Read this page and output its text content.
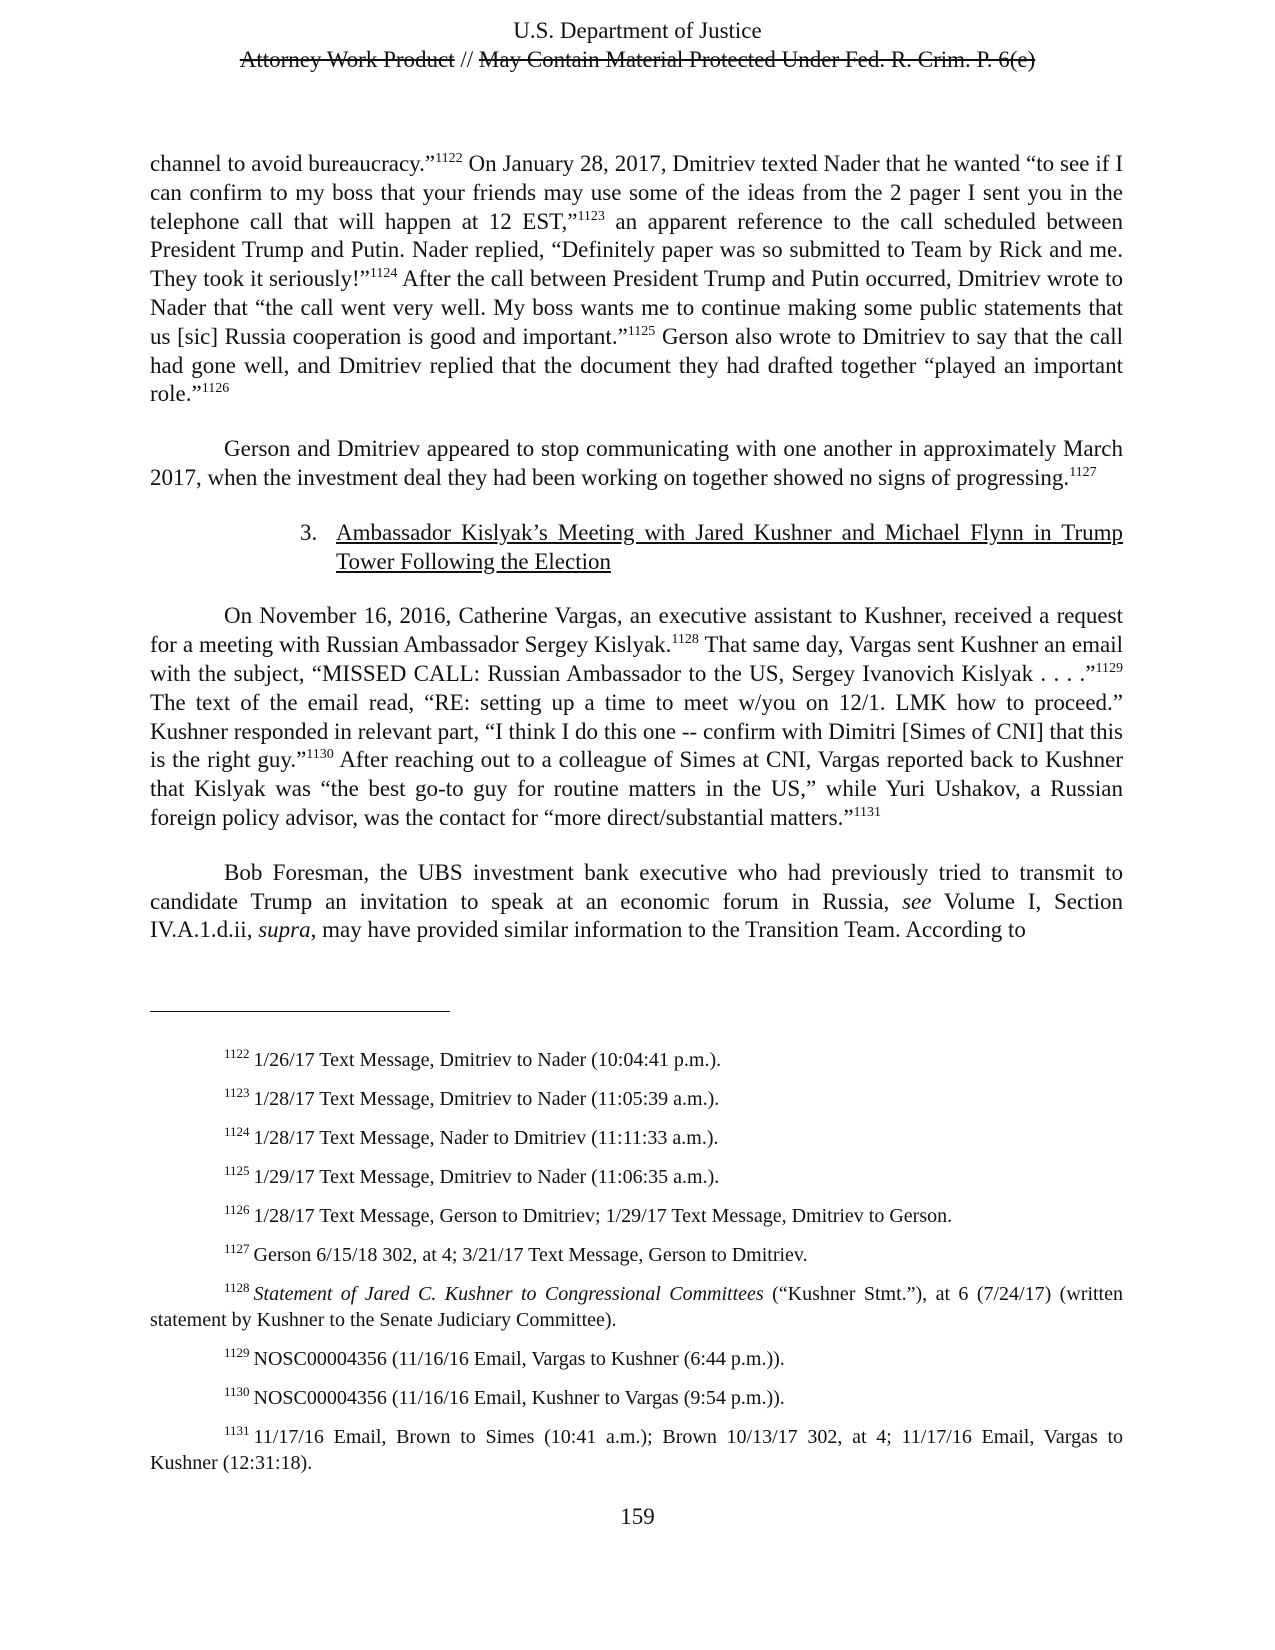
U.S. Department of Justice
Attorney Work Product // May Contain Material Protected Under Fed. R. Crim. P. 6(e)

channel to avoid bureaucracy.”$^{1122}$ On January 28, 2017, Dmitriev texted Nader that he wanted “to see if I can confirm to my boss that your friends may use some of the ideas from the 2 pager I sent you in the telephone call that will happen at 12 EST,”$^{1123}$ an apparent reference to the call scheduled between President Trump and Putin. Nader replied, “Definitely paper was so submitted to Team by Rick and me. They took it seriously!”$^{1124}$ After the call between President Trump and Putin occurred, Dmitriev wrote to Nader that “the call went very well. My boss wants me to continue making some public statements that us [sic] Russia cooperation is good and important.”$^{1125}$ Gerson also wrote to Dmitriev to say that the call had gone well, and Dmitriev replied that the document they had drafted together “played an important role.”$^{1126}$

Gerson and Dmitriev appeared to stop communicating with one another in approximately March 2017, when the investment deal they had been working on together showed no signs of progressing.$^{1127}$

3. Ambassador Kislyak’s Meeting with Jared Kushner and Michael Flynn in Trump Tower Following the Election

On November 16, 2016, Catherine Vargas, an executive assistant to Kushner, received a request for a meeting with Russian Ambassador Sergey Kislyak.$^{1128}$ That same day, Vargas sent Kushner an email with the subject, “MISSED CALL: Russian Ambassador to the US, Sergey Ivanovich Kislyak . . . .”$^{1129}$ The text of the email read, “RE: setting up a time to meet w/you on 12/1. LMK how to proceed.” Kushner responded in relevant part, “I think I do this one -- confirm with Dimitri [Simes of CNI] that this is the right guy.”$^{1130}$ After reaching out to a colleague of Simes at CNI, Vargas reported back to Kushner that Kislyak was “the best go-to guy for routine matters in the US,” while Yuri Ushakov, a Russian foreign policy advisor, was the contact for “more direct/substantial matters.”$^{1131}$

Bob Foresman, the UBS investment bank executive who had previously tried to transmit to candidate Trump an invitation to speak at an economic forum in Russia, see Volume I, Section IV.A.1.d.ii, supra, may have provided similar information to the Transition Team. According to

$^{1122}$ 1/26/17 Text Message, Dmitriev to Nader (10:04:41 p.m.).

$^{1123}$ 1/28/17 Text Message, Dmitriev to Nader (11:05:39 a.m.).

$^{1124}$ 1/28/17 Text Message, Nader to Dmitriev (11:11:33 a.m.).

$^{1125}$ 1/29/17 Text Message, Dmitriev to Nader (11:06:35 a.m.).

$^{1126}$ 1/28/17 Text Message, Gerson to Dmitriev; 1/29/17 Text Message, Dmitriev to Gerson.

$^{1127}$ Gerson 6/15/18 302, at 4; 3/21/17 Text Message, Gerson to Dmitriev.

$^{1128}$ Statement of Jared C. Kushner to Congressional Committees (“Kushner Stmt.”), at 6 (7/24/17) (written statement by Kushner to the Senate Judiciary Committee).

$^{1129}$ NOSC00004356 (11/16/16 Email, Vargas to Kushner (6:44 p.m.)).

$^{1130}$ NOSC00004356 (11/16/16 Email, Kushner to Vargas (9:54 p.m.)).

$^{1131}$ 11/17/16 Email, Brown to Simes (10:41 a.m.); Brown 10/13/17 302, at 4; 11/17/16 Email, Vargas to Kushner (12:31:18).

159
